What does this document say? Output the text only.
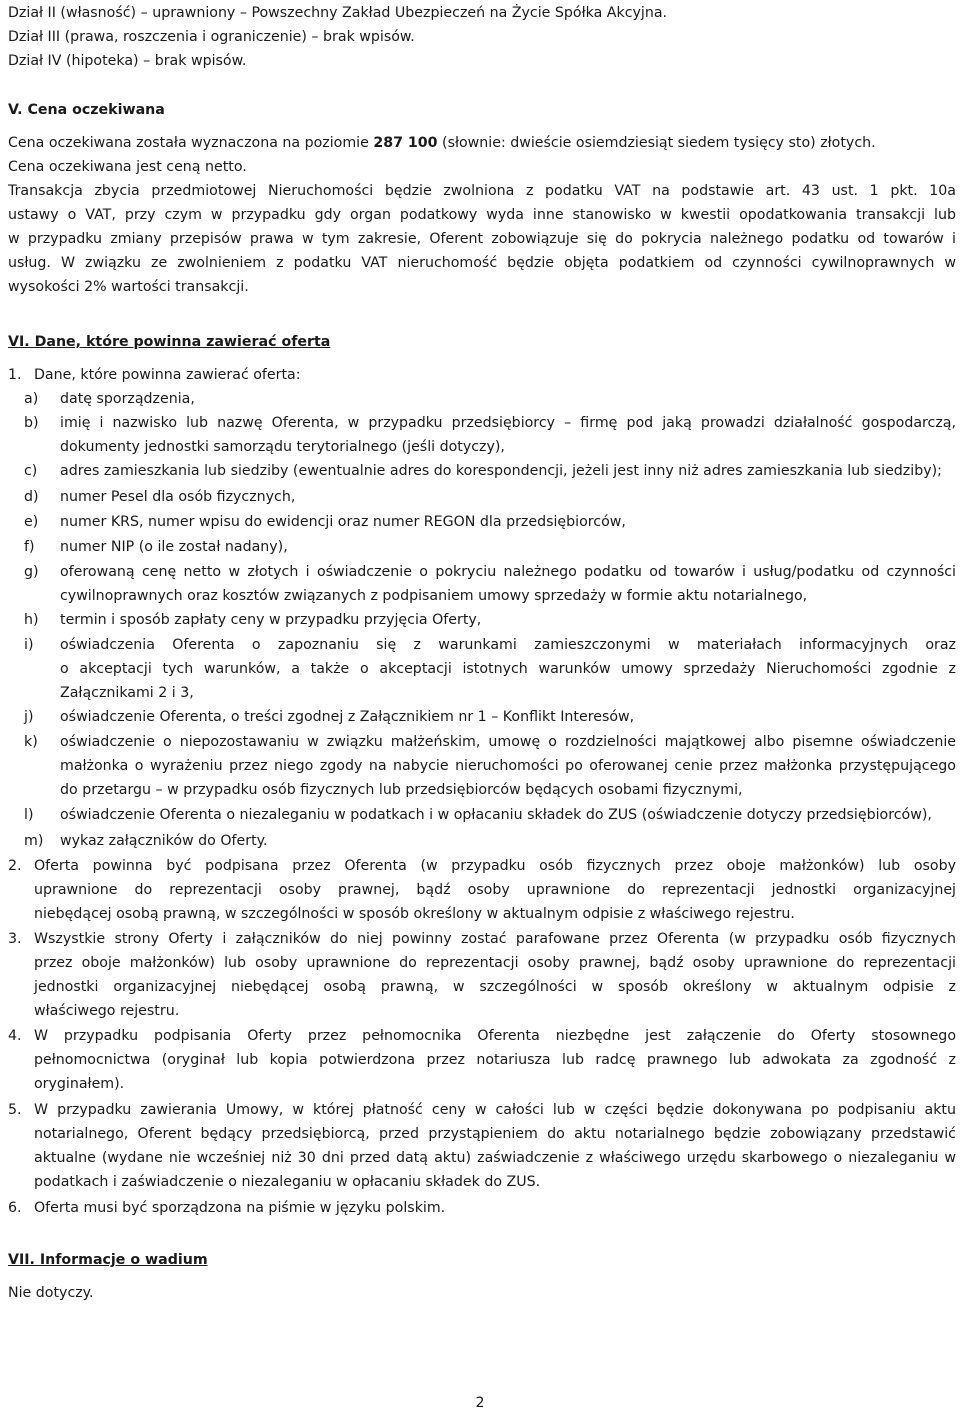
Dział II (własność) – uprawniony – Powszechny Zakład Ubezpieczeń na Życie Spółka Akcyjna.
Dział III (prawa, roszczenia i ograniczenie) – brak wpisów.
Dział IV (hipoteka) – brak wpisów.
V. Cena oczekiwana
Cena oczekiwana została wyznaczona na poziomie 287 100 (słownie: dwieście osiemdziesiąt siedem tysięcy sto) złotych.
Cena oczekiwana jest ceną netto.
Transakcja zbycia przedmiotowej Nieruchomości będzie zwolniona z podatku VAT na podstawie art. 43 ust. 1 pkt. 10a
ustawy o VAT, przy czym w przypadku gdy organ podatkowy wyda inne stanowisko w kwestii opodatkowania transakcji lub
w przypadku zmiany przepisów prawa w tym zakresie, Oferent zobowiązuje się do pokrycia należnego podatku od towarów i
usług. W związku ze zwolnieniem z podatku VAT nieruchomość będzie objęta podatkiem od czynności cywilnoprawnych w
wysokości 2% wartości transakcji.
VI. Dane, które powinna zawierać oferta
1. Dane, które powinna zawierać oferta:
a)	datę sporządzenia,
b)	imię i nazwisko lub nazwę Oferenta, w przypadku przedsiębiorcy – firmę pod jaką prowadzi działalność gospodarczą,
dokumenty jednostki samorządu terytorialnego (jeśli dotyczy),
c)	adres zamieszkania lub siedziby (ewentualnie adres do korespondencji, jeżeli jest inny niż adres zamieszkania lub siedziby);
d)	numer Pesel dla osób fizycznych,
e)	numer KRS, numer wpisu do ewidencji oraz numer REGON dla przedsiębiorców,
f)	numer NIP (o ile został nadany),
g)	oferowaną cenę netto w złotych i oświadczenie o pokryciu należnego podatku od towarów i usług/podatku od czynności
cywilnoprawnych oraz kosztów związanych z podpisaniem umowy sprzedaży w formie aktu notarialnego,
h)	termin i sposób zapłaty ceny w przypadku przyjęcia Oferty,
i)	oświadczenia Oferenta o zapoznaniu się z warunkami zamieszczonymi w materiałach informacyjnych oraz
o akceptacji tych warunków, a także o akceptacji istotnych warunków umowy sprzedaży Nieruchomości zgodnie z
Załącznikami 2 i 3,
j)	oświadczenie Oferenta, o treści zgodnej z Załącznikiem nr 1 – Konflikt Interesów,
k)	oświadczenie o niepozostawaniu w związku małżeńskim, umowę o rozdzielności majątkowej albo pisemne oświadczenie
małżonka o wyrażeniu przez niego zgody na nabycie nieruchomości po oferowanej cenie przez małżonka przystępującego
do przetargu – w przypadku osób fizycznych lub przedsiębiorców będących osobami fizycznymi,
l)	oświadczenie Oferenta o niezaleganiu w podatkach i w opłacaniu składek do ZUS (oświadczenie dotyczy przedsiębiorców),
m)	wykaz załączników do Oferty.
2. Oferta powinna być podpisana przez Oferenta (w przypadku osób fizycznych przez oboje małżonków) lub osoby
uprawnione do reprezentacji osoby prawnej, bądź osoby uprawnione do reprezentacji jednostki organizacyjnej
niebędącej osobą prawną, w szczególności w sposób określony w aktualnym odpisie z właściwego rejestru.
3. Wszystkie strony Oferty i załączników do niej powinny zostać parafowane przez Oferenta (w przypadku osób fizycznych
przez oboje małżonków) lub osoby uprawnione do reprezentacji osoby prawnej, bądź osoby uprawnione do reprezentacji
jednostki organizacyjnej niebędącej osobą prawną, w szczególności w sposób określony w aktualnym odpisie z
właściwego rejestru.
4. W przypadku podpisania Oferty przez pełnomocnika Oferenta niezbędne jest załączenie do Oferty stosownego
pełnomocnictwa (oryginał lub kopia potwierdzona przez notariusza lub radcę prawnego lub adwokata za zgodność z
oryginałem).
5. W przypadku zawierania Umowy, w której płatność ceny w całości lub w części będzie dokonywana po podpisaniu aktu
notarialnego, Oferent będący przedsiębiorcą, przed przystąpieniem do aktu notarialnego będzie zobowiązany przedstawić
aktualne (wydane nie wcześniej niż 30 dni przed datą aktu) zaświadczenie z właściwego urzędu skarbowego o niezaleganiu w
podatkach i zaświadczenie o niezaleganiu w opłacaniu składek do ZUS.
6. Oferta musi być sporządzona na piśmie w języku polskim.
VII. Informacje o wadium
Nie dotyczy.
2
